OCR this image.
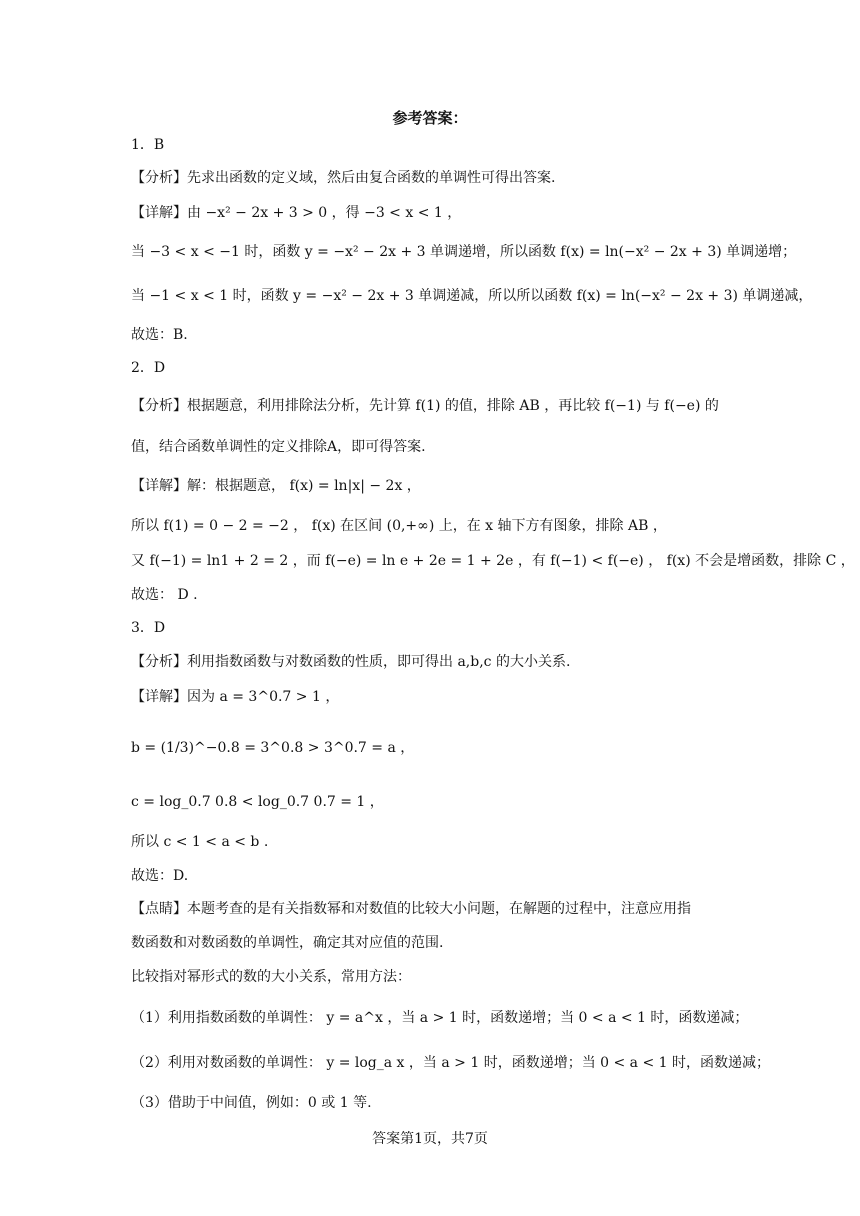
参考答案：
1．B
【分析】先求出函数的定义域，然后由复合函数的单调性可得出答案.
【详解】由 −x² − 2x + 3 > 0 ，得 −3 < x < 1 ，
当 −3 < x < −1 时，函数 y = −x² − 2x + 3 单调递增，所以函数 f(x) = ln(−x² − 2x + 3) 单调递增；
当 −1 < x < 1 时，函数 y = −x² − 2x + 3 单调递减，所以所以函数 f(x) = ln(−x² − 2x + 3) 单调递减，
故选：B.
2．D
【分析】根据题意，利用排除法分析，先计算 f(1) 的值，排除 AB ，再比较 f(−1) 与 f(−e) 的
值，结合函数单调性的定义排除A，即可得答案.
【详解】解：根据题意， f(x) = ln|x| − 2x ，
所以 f(1) = 0 − 2 = −2 ， f(x) 在区间 (0,+∞) 上，在 x 轴下方有图象，排除 AB ，
又 f(−1) = ln1 + 2 = 2 ，而 f(−e) = ln e + 2e = 1 + 2e ，有 f(−1) < f(−e) ， f(x) 不会是增函数，排除 C ，
故选： D .
3．D
【分析】利用指数函数与对数函数的性质，即可得出 a,b,c 的大小关系.
【详解】因为 a = 3^0.7 > 1 ，
b = (1/3)^−0.8 = 3^0.8 > 3^0.7 = a ，
c = log_0.7 0.8 < log_0.7 0.7 = 1 ，
所以 c < 1 < a < b .
故选：D.
【点睛】本题考查的是有关指数幂和对数值的比较大小问题，在解题的过程中，注意应用指
数函数和对数函数的单调性，确定其对应值的范围.
比较指对幂形式的数的大小关系，常用方法：
（1）利用指数函数的单调性： y = a^x ，当 a > 1 时，函数递增；当 0 < a < 1 时，函数递减；
（2）利用对数函数的单调性： y = log_a x ，当 a > 1 时，函数递增；当 0 < a < 1 时，函数递减；
（3）借助于中间值，例如：0 或 1 等.
答案第1页，共7页
